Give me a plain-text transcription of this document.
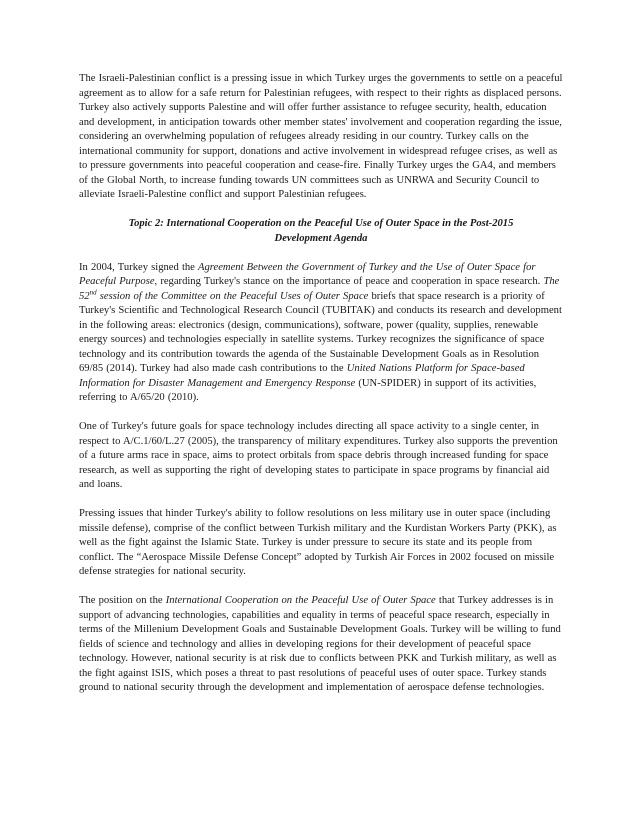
The Israeli-Palestinian conflict is a pressing issue in which Turkey urges the governments to settle on a peaceful agreement as to allow for a safe return for Palestinian refugees, with respect to their rights as displaced persons. Turkey also actively supports Palestine and will offer further assistance to refugee security, health, education and development, in anticipation towards other member states' involvement and cooperation regarding the issue, considering an overwhelming population of refugees already residing in our country. Turkey calls on the international community for support, donations and active involvement in widespread refugee crises, as well as to pressure governments into peaceful cooperation and cease-fire. Finally Turkey urges the GA4, and members of the Global North, to increase funding towards UN committees such as UNRWA and Security Council to alleviate Israeli-Palestine conflict and support Palestinian refugees.

Topic 2: International Cooperation on the Peaceful Use of Outer Space in the Post-2015
Development Agenda

In 2004, Turkey signed the Agreement Between the Government of Turkey and the Use of Outer Space for Peaceful Purpose, regarding Turkey's stance on the importance of peace and cooperation in space research. The 52nd session of the Committee on the Peaceful Uses of Outer Space briefs that space research is a priority of Turkey's Scientific and Technological Research Council (TUBITAK) and conducts its research and development in the following areas: electronics (design, communications), software, power (quality, supplies, renewable energy sources) and technologies especially in satellite systems. Turkey recognizes the significance of space technology and its contribution towards the agenda of the Sustainable Development Goals as in Resolution 69/85 (2014). Turkey had also made cash contributions to the United Nations Platform for Space-based Information for Disaster Management and Emergency Response (UN-SPIDER) in support of its activities, referring to A/65/20 (2010).

One of Turkey's future goals for space technology includes directing all space activity to a single center, in respect to A/C.1/60/L.27 (2005), the transparency of military expenditures. Turkey also supports the prevention of a future arms race in space, aims to protect orbitals from space debris through increased funding for space research, as well as supporting the right of developing states to participate in space programs by financial aid and loans.

Pressing issues that hinder Turkey's ability to follow resolutions on less military use in outer space (including missile defense), comprise of the conflict between Turkish military and the Kurdistan Workers Party (PKK), as well as the fight against the Islamic State. Turkey is under pressure to secure its state and its people from conflict. The “Aerospace Missile Defense Concept” adopted by Turkish Air Forces in 2002 focused on missile defense strategies for national security.

The position on the International Cooperation on the Peaceful Use of Outer Space that Turkey addresses is in support of advancing technologies, capabilities and equality in terms of peaceful space research, especially in terms of the Millenium Development Goals and Sustainable Development Goals. Turkey will be willing to fund fields of science and technology and allies in developing regions for their development of peaceful space technology. However, national security is at risk due to conflicts between PKK and Turkish military, as well as the fight against ISIS, which poses a threat to past resolutions of peaceful uses of outer space. Turkey stands ground to national security through the development and implementation of aerospace defense technologies.
